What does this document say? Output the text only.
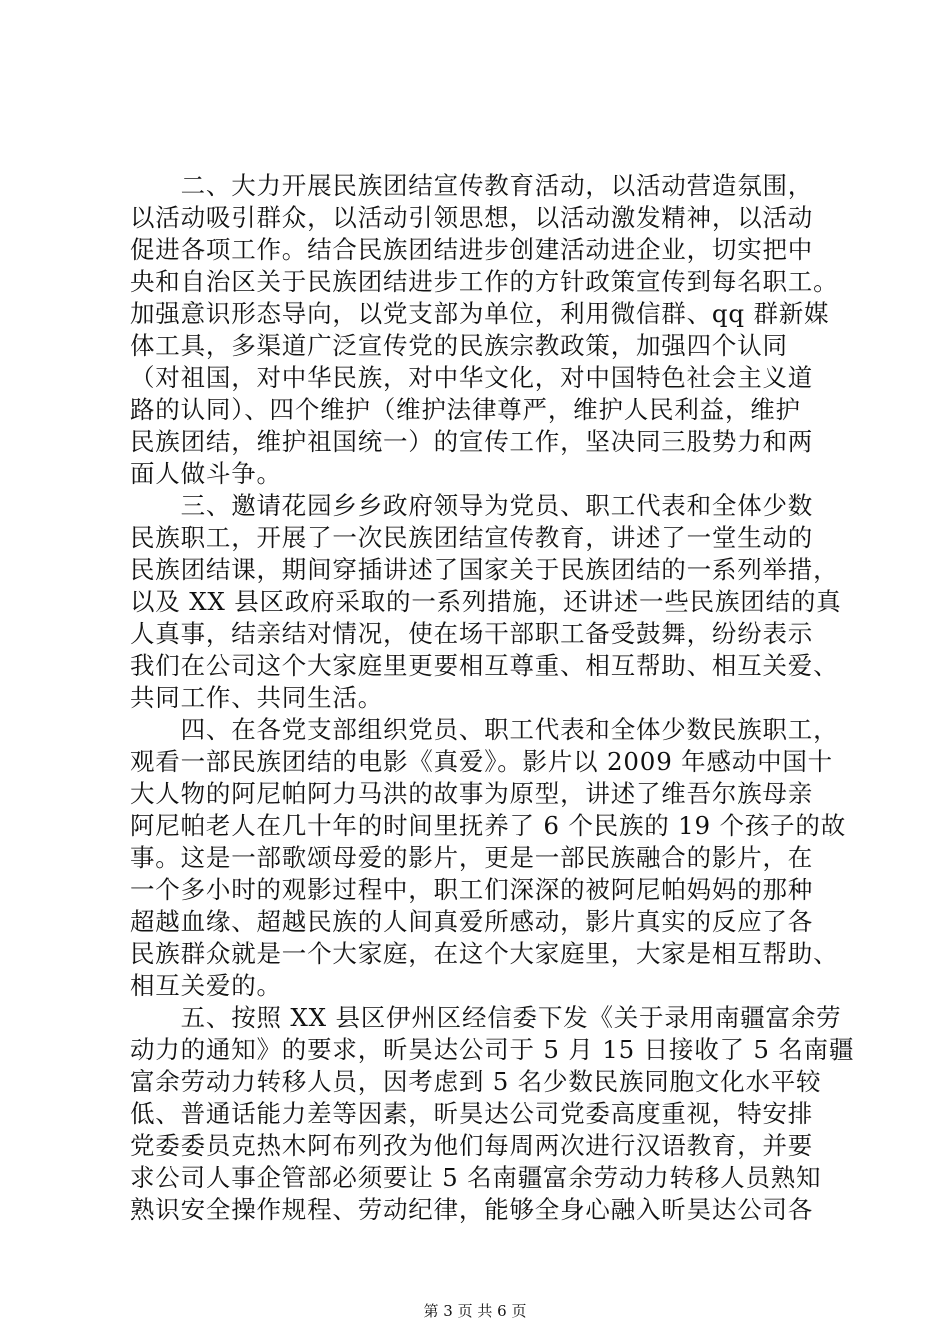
　　二、大力开展民族团结宣传教育活动，以活动营造氛围，
以活动吸引群众，以活动引领思想，以活动激发精神，以活动
促进各项工作。结合民族团结进步创建活动进企业，切实把中
央和自治区关于民族团结进步工作的方针政策宣传到每名职工。
加强意识形态导向，以党支部为单位，利用微信群、qq 群新媒
体工具，多渠道广泛宣传党的民族宗教政策，加强四个认同
（对祖国，对中华民族，对中华文化，对中国特色社会主义道
路的认同）、四个维护（维护法律尊严，维护人民利益，维护
民族团结，维护祖国统一）的宣传工作，坚决同三股势力和两
面人做斗争。
　　三、邀请花园乡乡政府领导为党员、职工代表和全体少数
民族职工，开展了一次民族团结宣传教育，讲述了一堂生动的
民族团结课，期间穿插讲述了国家关于民族团结的一系列举措，
以及 XX 县区政府采取的一系列措施，还讲述一些民族团结的真
人真事，结亲结对情况，使在场干部职工备受鼓舞，纷纷表示
我们在公司这个大家庭里更要相互尊重、相互帮助、相互关爱、
共同工作、共同生活。
　　四、在各党支部组织党员、职工代表和全体少数民族职工，
观看一部民族团结的电影《真爱》。影片以 2009 年感动中国十
大人物的阿尼帕阿力马洪的故事为原型，讲述了维吾尔族母亲
阿尼帕老人在几十年的时间里抚养了 6 个民族的 19 个孩子的故
事。这是一部歌颂母爱的影片，更是一部民族融合的影片，在
一个多小时的观影过程中，职工们深深的被阿尼帕妈妈的那种
超越血缘、超越民族的人间真爱所感动，影片真实的反应了各
民族群众就是一个大家庭，在这个大家庭里，大家是相互帮助、
相互关爱的。
　　五、按照 XX 县区伊州区经信委下发《关于录用南疆富余劳
动力的通知》的要求，昕昊达公司于 5 月 15 日接收了 5 名南疆
富余劳动力转移人员，因考虑到 5 名少数民族同胞文化水平较
低、普通话能力差等因素，昕昊达公司党委高度重视，特安排
党委委员克热木阿布列孜为他们每周两次进行汉语教育，并要
求公司人事企管部必须要让 5 名南疆富余劳动力转移人员熟知
熟识安全操作规程、劳动纪律，能够全身心融入昕昊达公司各
第 3 页 共 6 页
